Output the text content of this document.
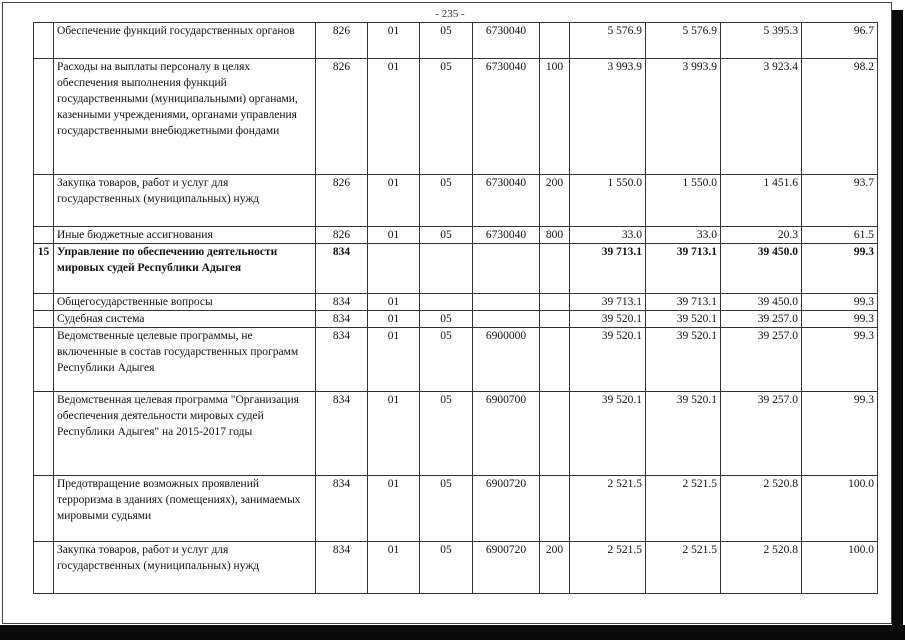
- 235 -
	Обеспечение функций государственных органов	826	01	05	6730040		5 576.9	5 576.9	5 395.3	96.7
	Расходы на выплаты персоналу в целях обеспечения выполнения функций государственными (муниципальными) органами, казенными учреждениями, органами управления государственными внебюджетными фондами	826	01	05	6730040	100	3 993.9	3 993.9	3 923.4	98.2
	Закупка товаров, работ и услуг для государственных (муниципальных) нужд	826	01	05	6730040	200	1 550.0	1 550.0	1 451.6	93.7
	Иные бюджетные ассигнования	826	01	05	6730040	800	33.0	33.0	20.3	61.5
15	Управление по обеспечению деятельности мировых судей Республики Адыгея	834					39 713.1	39 713.1	39 450.0	99.3
	Общегосударственные вопросы	834	01				39 713.1	39 713.1	39 450.0	99.3
	Судебная система	834	01	05			39 520.1	39 520.1	39 257.0	99.3
	Ведомственные целевые программы, не включенные в состав государственных программ Республики Адыгея	834	01	05	6900000		39 520.1	39 520.1	39 257.0	99.3
	Ведомственная целевая программа "Организация обеспечения деятельности мировых судей Республики Адыгея" на 2015-2017 годы	834	01	05	6900700		39 520.1	39 520.1	39 257.0	99.3
	Предотвращение возможных проявлений терроризма в зданиях (помещениях), занимаемых мировыми судьями	834	01	05	6900720		2 521.5	2 521.5	2 520.8	100.0
	Закупка товаров, работ и услуг для государственных (муниципальных) нужд	834	01	05	6900720	200	2 521.5	2 521.5	2 520.8	100.0
